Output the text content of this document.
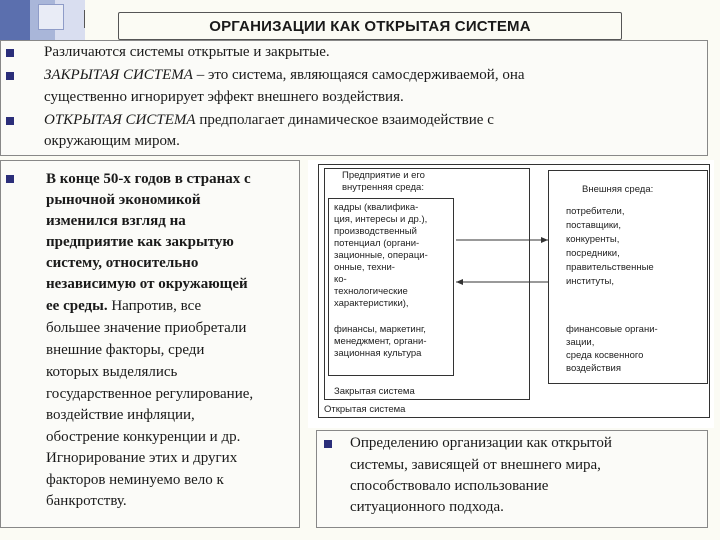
ОРГАНИЗАЦИИ КАК ОТКРЫТАЯ СИСТЕМА
Различаются системы открытые и закрытые.
ЗАКРЫТАЯ СИСТЕМА – это система, являющаяся самосдерживаемой, она
существенно игнорирует эффект внешнего воздействия.
ОТКРЫТАЯ СИСТЕМА предполагает динамическое взаимодействие с
окружающим миром.
В конце 50-х годов в странах с
рыночной экономикой
изменился взгляд на
предприятие как закрытую
систему, относительно
независимую от окружающей
ее среды. Напротив, все
большее значение приобретали
внешние факторы, среди
которых выделялись
государственное регулирование,
воздействие инфляции,
обострение конкуренции и др.
Игнорирование этих и других
факторов неминуемо вело к
банкротству.
Предприятие и его
внутренняя среда:
кадры (квалифика-
ция, интересы и др.),
производственный
потенциал (органи-
зационные, операци-
онные, техни-
ко-
технологические
характеристики),
финансы, маркетинг,
менеджмент, органи-
зационная культура
Внешняя среда:
потребители,
поставщики,
конкуренты,
посредники,
правительственные
институты,
финансовые органи-
зации,
среда косвенного
воздействия
Закрытая система
Открытая система
Определению организации как открытой
системы, зависящей от внешнего мира,
способствовало использование
ситуационного подхода.
